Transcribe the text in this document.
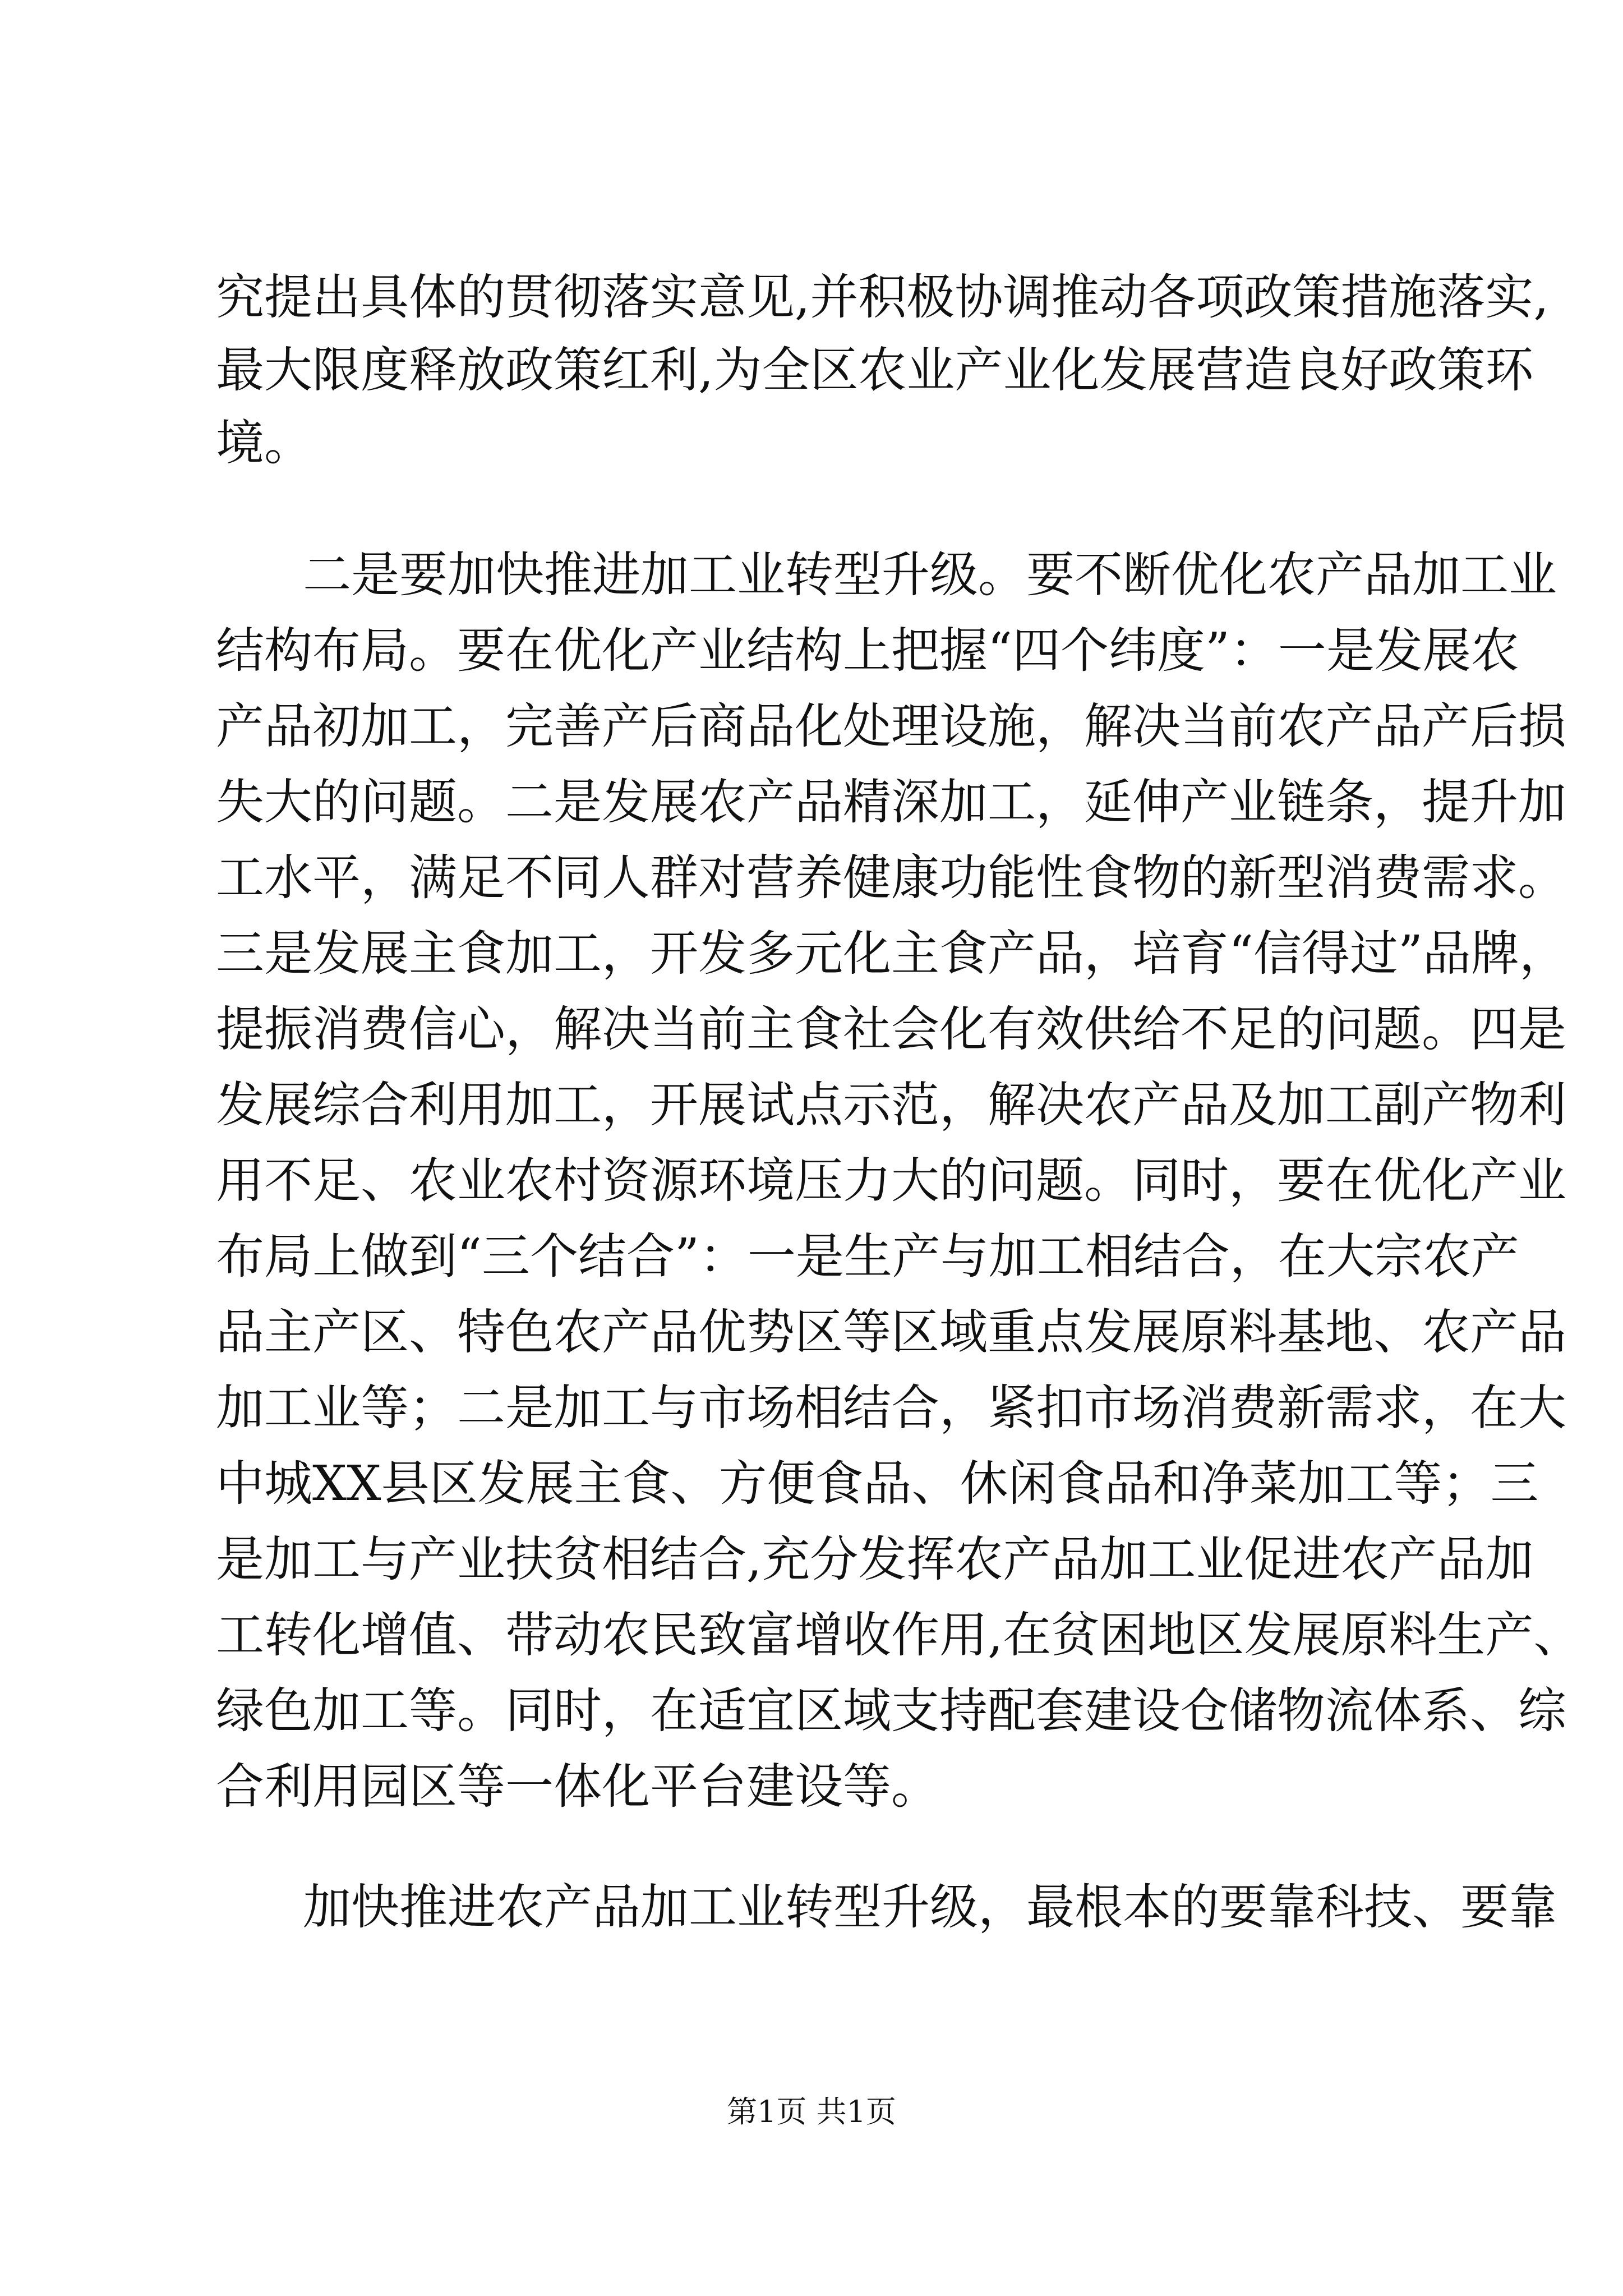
究提出具体的贯彻落实意见,并积极协调推动各项政策措施落实,
最大限度释放政策红利,为全区农业产业化发展营造良好政策环
境。
二是要加快推进加工业转型升级。要不断优化农产品加工业
结构布局。要在优化产业结构上把握“四个纬度”：一是发展农
产品初加工，完善产后商品化处理设施，解决当前农产品产后损
失大的问题。二是发展农产品精深加工，延伸产业链条，提升加
工水平，满足不同人群对营养健康功能性食物的新型消费需求。
三是发展主食加工，开发多元化主食产品，培育“信得过”品牌，
提振消费信心，解决当前主食社会化有效供给不足的问题。四是
发展综合利用加工，开展试点示范，解决农产品及加工副产物利
用不足、农业农村资源环境压力大的问题。同时，要在优化产业
布局上做到“三个结合”：一是生产与加工相结合，在大宗农产
品主产区、特色农产品优势区等区域重点发展原料基地、农产品
加工业等；二是加工与市场相结合，紧扣市场消费新需求，在大
中城XX县区发展主食、方便食品、休闲食品和净菜加工等；三
是加工与产业扶贫相结合,充分发挥农产品加工业促进农产品加
工转化增值、带动农民致富增收作用,在贫困地区发展原料生产、
绿色加工等。同时，在适宜区域支持配套建设仓储物流体系、综
合利用园区等一体化平台建设等。
加快推进农产品加工业转型升级，最根本的要靠科技、要靠
第1页 共1页
